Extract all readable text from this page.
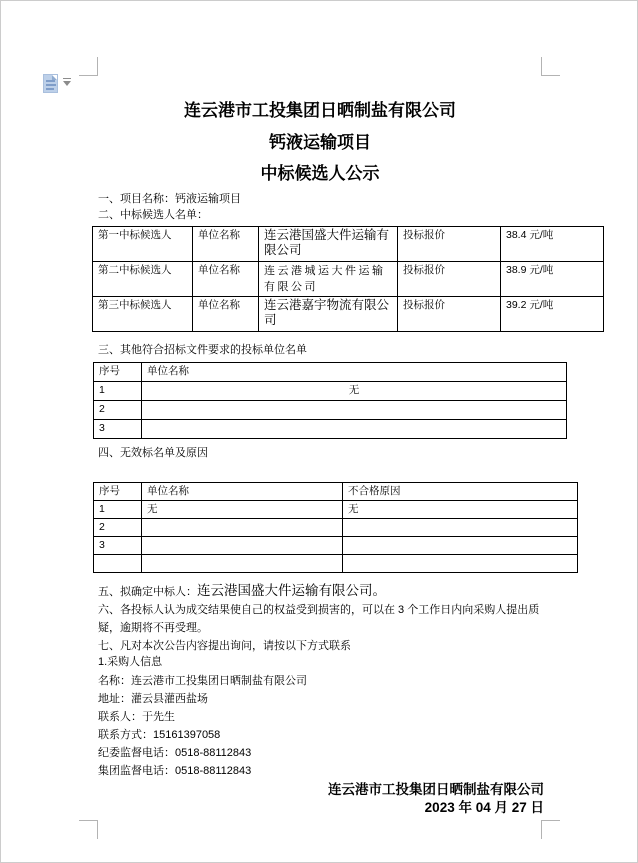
连云港市工投集团日晒制盐有限公司
钙液运输项目
中标候选人公示
一、项目名称：钙液运输项目
二、中标候选人名单：
第一中标候选人	单位名称	连云港国盛大件运输有限公司	投标报价	38.4 元/吨
第二中标候选人	单位名称	连云港城运大件运输有限公司	投标报价	38.9 元/吨
第三中标候选人	单位名称	连云港嘉宇物流有限公司	投标报价	39.2 元/吨
三、其他符合招标文件要求的投标单位名单
序号	单位名称
1	无
2	
3	
四、无效标名单及原因
序号	单位名称	不合格原因
1	无	无
2		
3		

五、拟确定中标人：连云港国盛大件运输有限公司。
六、各投标人认为成交结果使自己的权益受到损害的，可以在 3 个工作日内向采购人提出质
疑，逾期将不再受理。
七、凡对本次公告内容提出询问，请按以下方式联系
1.采购人信息
名称：连云港市工投集团日晒制盐有限公司
地址：灌云县灌西盐场
联系人：于先生
联系方式：15161397058
纪委监督电话：0518-88112843
集团监督电话：0518-88112843
连云港市工投集团日晒制盐有限公司
2023 年 04 月 27 日
